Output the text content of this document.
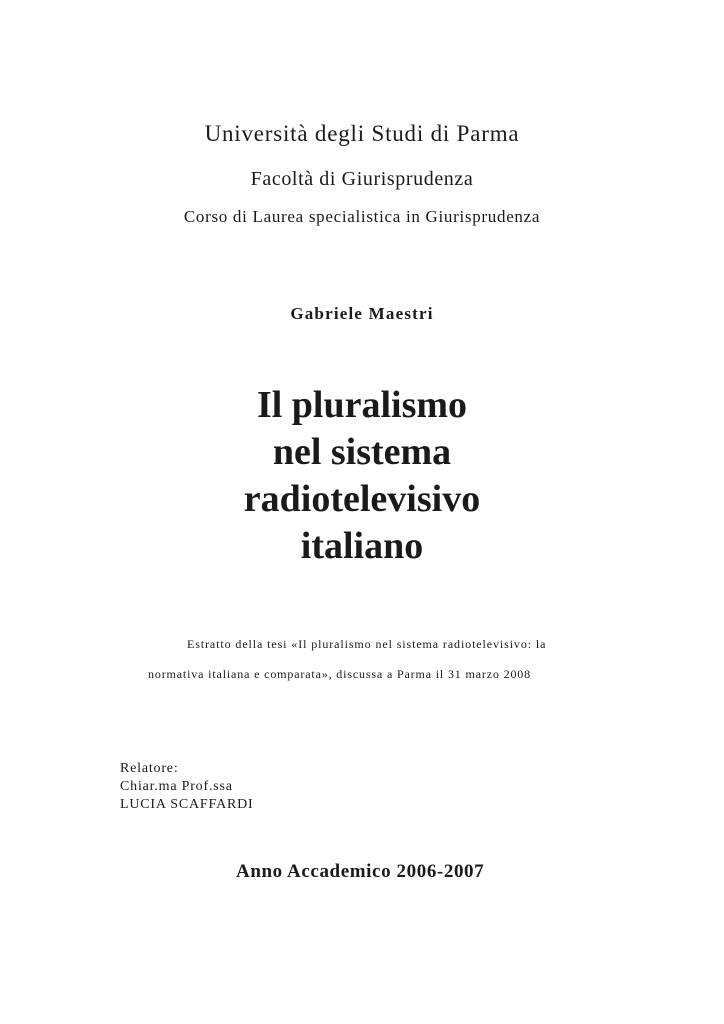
Università degli Studi di Parma
Facoltà di Giurisprudenza
Corso di Laurea specialistica in Giurisprudenza
Gabriele Maestri
Il pluralismo
nel sistema
radiotelevisivo
italiano
Estratto della tesi «Il pluralismo nel sistema radiotelevisivo: la
normativa italiana e comparata», discussa a Parma il 31 marzo 2008
Relatore:
Chiar.ma Prof.ssa
LUCIA SCAFFARDI
Anno Accademico 2006-2007
